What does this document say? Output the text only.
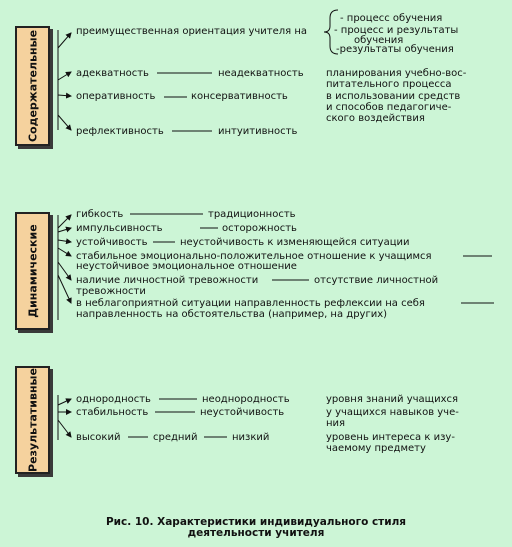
Содержательные
Динамические
Результативные
преимущественная ориентация учителя на
- процесс обучения
- процесс и результаты
обучения
-результаты обучения
адекватность	неадекватность планирования учебно-вос-
питательного процесса
оперативность	консервативность	в использовании средств
и способов педагогиче-
ского воздействия
рефлективность	интуитивность
гибкость	традиционность
импульсивность	осторожность
устойчивость	неустойчивость к изменяющейся ситуации
стабильное эмоционально-положительное отношение к учащимся
неустойчивое эмоциональное отношение
наличие личностной тревожности	отсутствие личностной
тревожности
в неблагоприятной ситуации направленность рефлексии на себя
направленность на обстоятельства (например, на других)
однородность	неоднородность	уровня знаний учащихся
стабильность	неустойчивость	у учащихся навыков уче-
ния
высокий	средний	низкий	уровень интереса к изу-
чаемому предмету
Рис. 10. Характеристики индивидуального стиля
деятельности учителя
